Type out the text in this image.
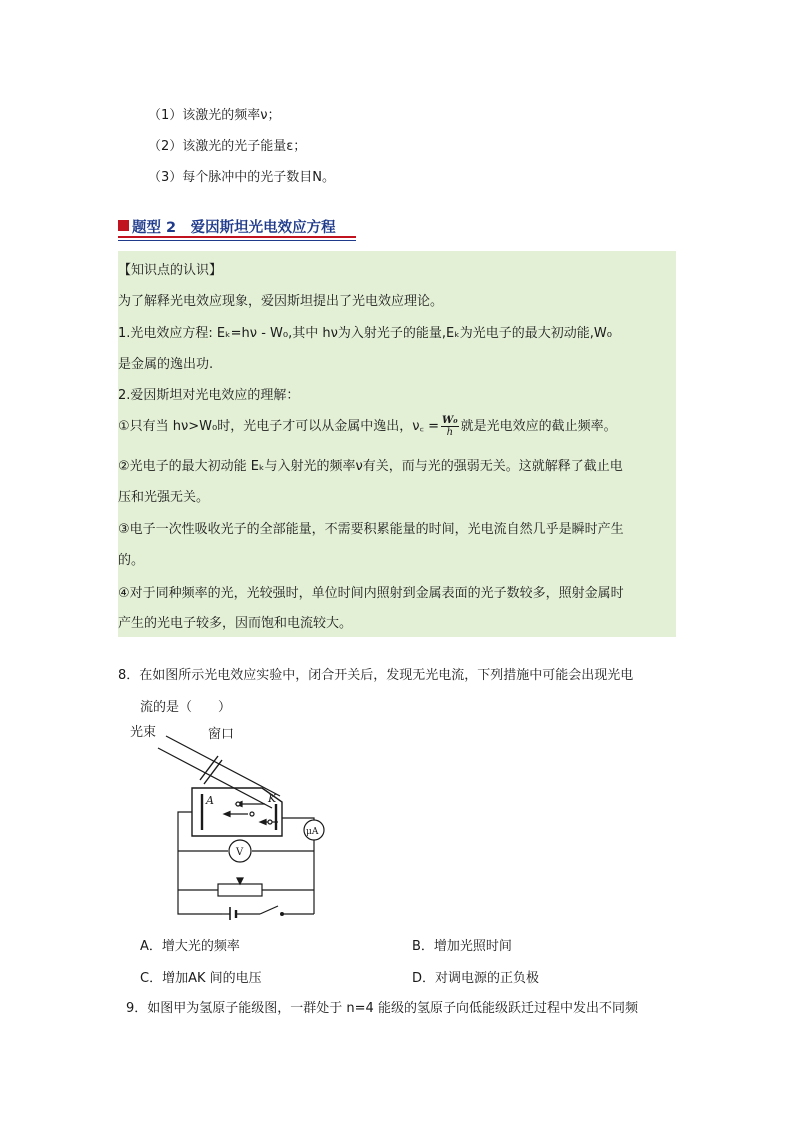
（1）该激光的频率ν；
（2）该激光的光子能量ε；
（3）每个脉冲中的光子数目N。
题型 2　爱因斯坦光电效应方程
【知识点的认识】
为了解释光电效应现象，爱因斯坦提出了光电效应理论。
1.光电效应方程: Eₖ=hν - W₀,其中 hν为入射光子的能量,Eₖ为光电子的最大初动能,W₀
是金属的逸出功.
2.爱因斯坦对光电效应的理解：
①只有当 hν>W₀时，光电子才可以从金属中逸出，ν꜀ = $\frac{\text{W₀}}{h}$ 就是光电效应的截止频率。
②光电子的最大初动能 Eₖ与入射光的频率ν有关，而与光的强弱无关。这就解释了截止电
压和光强无关。
③电子一次性吸收光子的全部能量，不需要积累能量的时间，光电流自然几乎是瞬时产生
的。
④对于同种频率的光，光较强时，单位时间内照射到金属表面的光子数较多，照射金属时
产生的光电子较多，因而饱和电流较大。
8．在如图所示光电效应实验中，闭合开关后，发现无光电流，下列措施中可能会出现光电
流的是（　　）
光束	窗口
A	K
μA
V
A．增大光的频率	B．增加光照时间
C．增加AK 间的电压	D．对调电源的正负极
9．如图甲为氢原子能级图，一群处于 n=4 能级的氢原子向低能级跃迁过程中发出不同频
